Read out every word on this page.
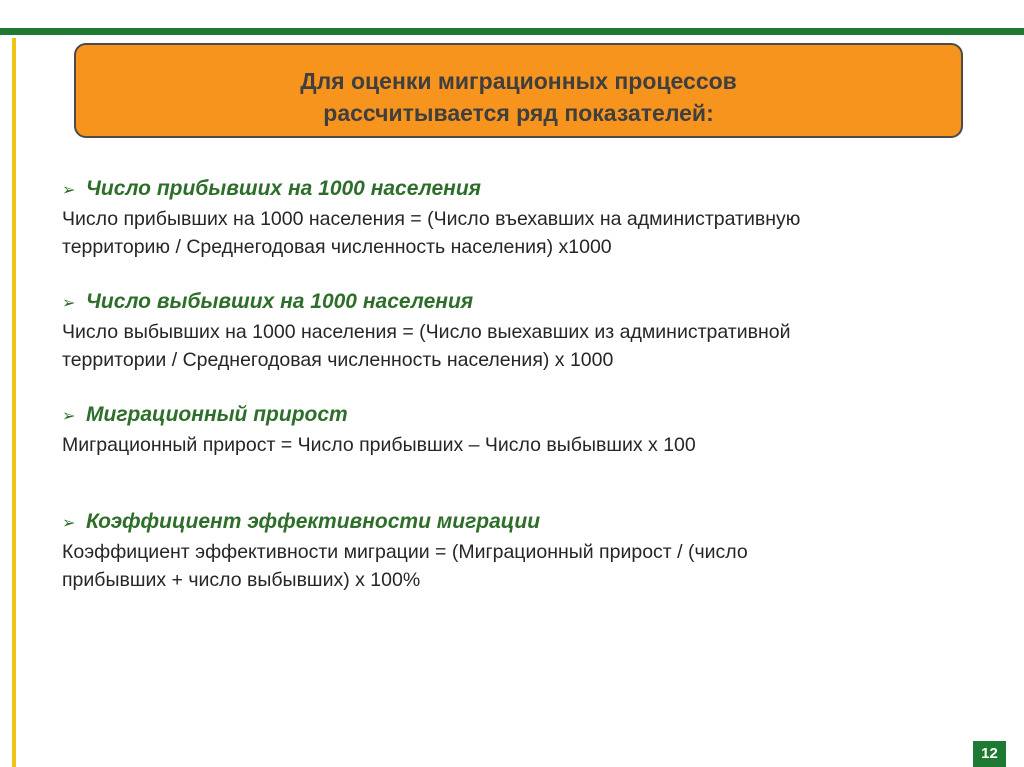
Для оценки миграционных процессов
рассчитывается ряд показателей:
➢ Число прибывших на 1000 населения
Число прибывших на 1000 населения = (Число въехавших на административную
территорию / Среднегодовая численность населения) х1000
➢ Число выбывших на 1000 населения
Число выбывших на 1000 населения = (Число выехавших из административной
территории / Среднегодовая численность населения) х 1000
➢ Миграционный прирост
Миграционный прирост = Число прибывших – Число выбывших х 100
➢ Коэффициент эффективности миграции
Коэффициент эффективности миграции = (Миграционный прирост / (число
прибывших + число выбывших) х 100%
12
